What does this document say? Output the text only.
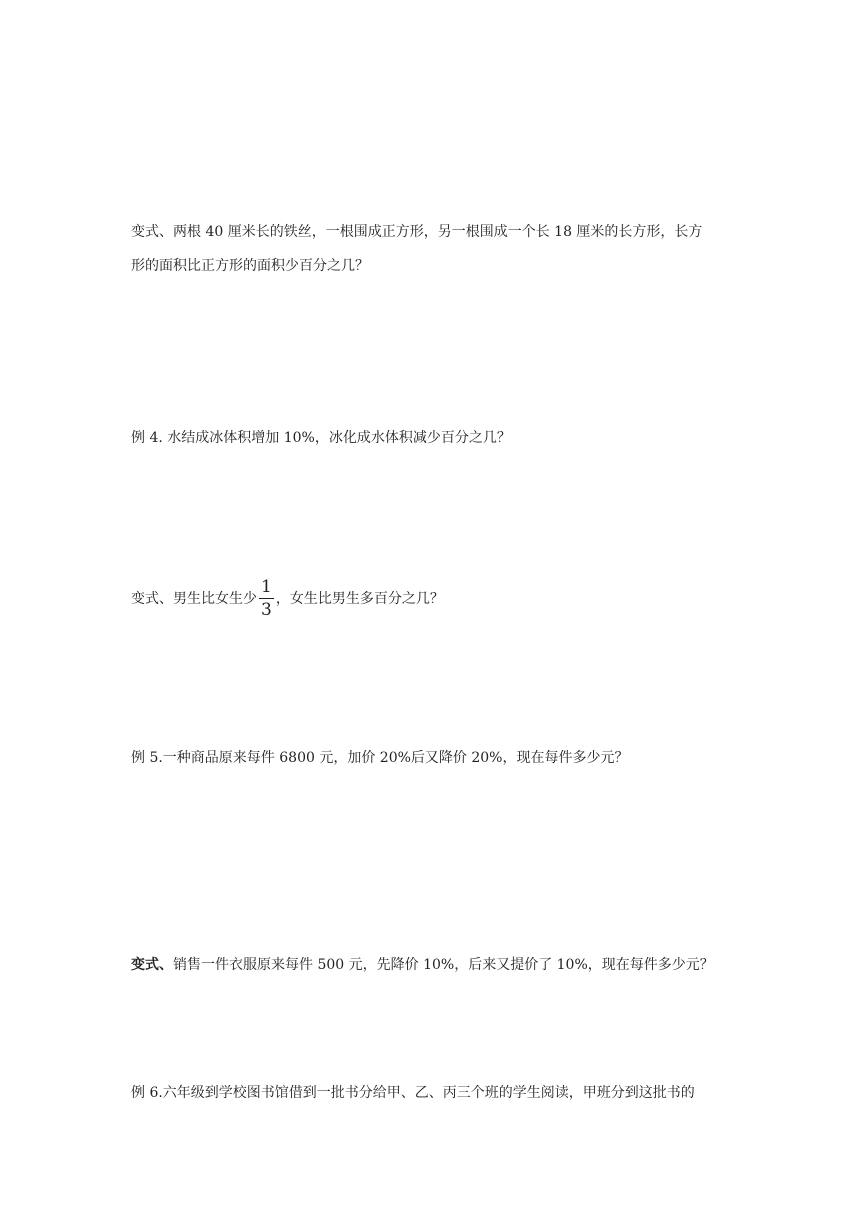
变式、两根 40 厘米长的铁丝，一根围成正方形，另一根围成一个长 18 厘米的长方形，长方
形的面积比正方形的面积少百分之几？
例 4. 水结成冰体积增加 10%，冰化成水体积减少百分之几？
变式、男生比女生少 $\frac{1}{3}$ ，女生比男生多百分之几？
例 5.一种商品原来每件 6800 元，加价 20%后又降价 20%，现在每件多少元？
变式、销售一件衣服原来每件 500 元，先降价 10%，后来又提价了 10%，现在每件多少元？
例 6.六年级到学校图书馆借到一批书分给甲、乙、丙三个班的学生阅读，甲班分到这批书的
